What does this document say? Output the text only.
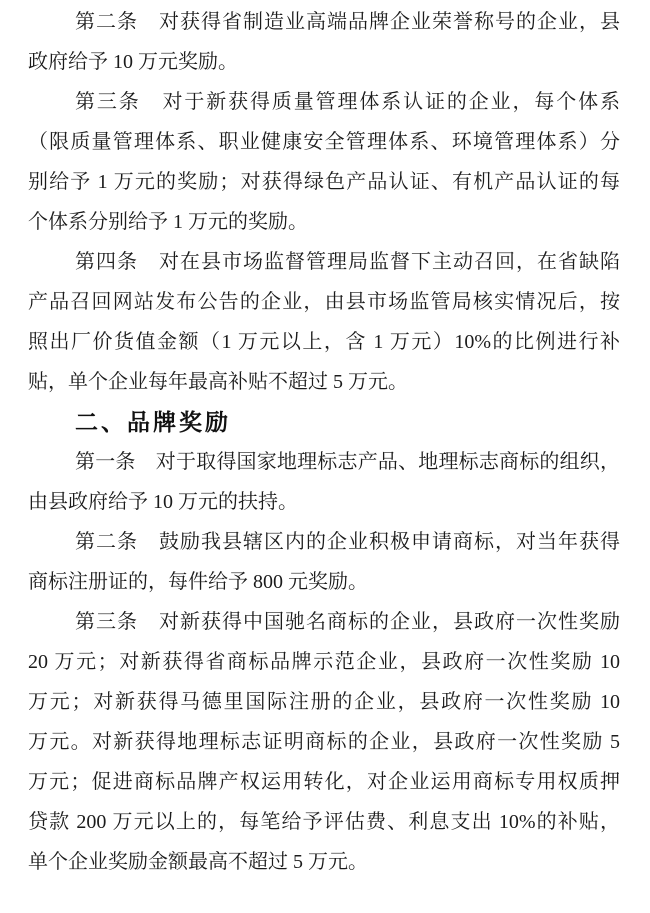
第二条　对获得省制造业高端品牌企业荣誉称号的企业，县
政府给予 10 万元奖励。
第三条　对于新获得质量管理体系认证的企业，每个体系
（限质量管理体系、职业健康安全管理体系、环境管理体系）分
别给予 1 万元的奖励；对获得绿色产品认证、有机产品认证的每
个体系分别给予 1 万元的奖励。
第四条　对在县市场监督管理局监督下主动召回，在省缺陷
产品召回网站发布公告的企业，由县市场监管局核实情况后，按
照出厂价货值金额（1 万元以上，含 1 万元）10%的比例进行补
贴，单个企业每年最高补贴不超过 5 万元。
二、品牌奖励
第一条　对于取得国家地理标志产品、地理标志商标的组织，
由县政府给予 10 万元的扶持。
第二条　鼓励我县辖区内的企业积极申请商标，对当年获得
商标注册证的，每件给予 800 元奖励。
第三条　对新获得中国驰名商标的企业，县政府一次性奖励
20 万元；对新获得省商标品牌示范企业，县政府一次性奖励 10
万元；对新获得马德里国际注册的企业，县政府一次性奖励 10
万元。对新获得地理标志证明商标的企业，县政府一次性奖励 5
万元；促进商标品牌产权运用转化，对企业运用商标专用权质押
贷款 200 万元以上的，每笔给予评估费、利息支出 10%的补贴，
单个企业奖励金额最高不超过 5 万元。
